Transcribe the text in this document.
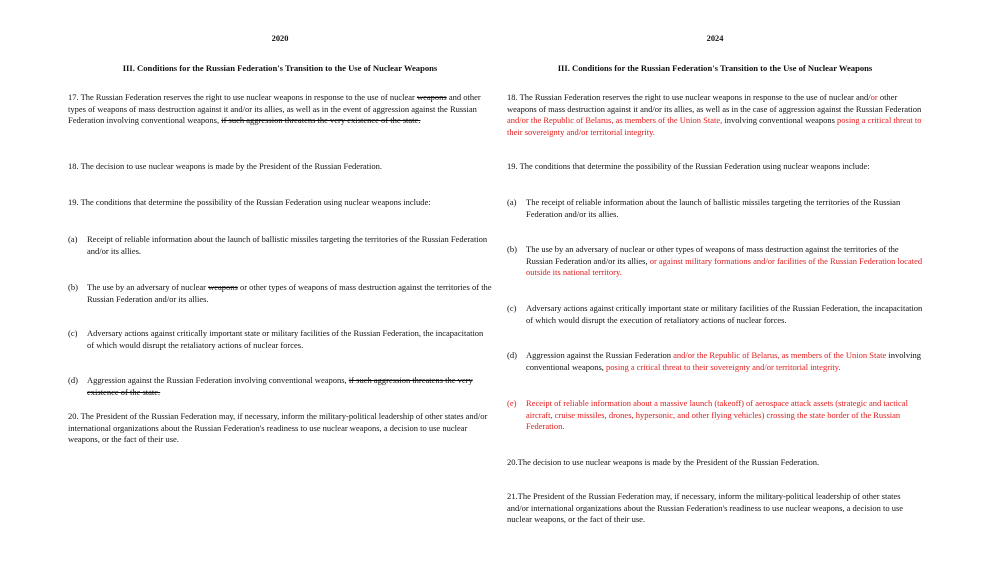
2020
III. Conditions for the Russian Federation's Transition to the Use of Nuclear Weapons

17. The Russian Federation reserves the right to use nuclear weapons in response to the use of nuclear weapons and other types of weapons of mass destruction against it and/or its allies, as well as in the event of aggression against the Russian Federation involving conventional weapons, if such aggression threatens the very existence of the state.

18. The decision to use nuclear weapons is made by the President of the Russian Federation.

19. The conditions that determine the possibility of the Russian Federation using nuclear weapons include:

(a)	Receipt of reliable information about the launch of ballistic missiles targeting the territories of the Russian Federation and/or its allies.
(b)	The use by an adversary of nuclear weapons or other types of weapons of mass destruction against the territories of the Russian Federation and/or its allies.
(c)	Adversary actions against critically important state or military facilities of the Russian Federation, the incapacitation of which would disrupt the retaliatory actions of nuclear forces.
(d)	Aggression against the Russian Federation involving conventional weapons, if such aggression threatens the very existence of the state.

20. The President of the Russian Federation may, if necessary, inform the military-political leadership of other states and/or international organizations about the Russian Federation's readiness to use nuclear weapons, a decision to use nuclear weapons, or the fact of their use.

2024
III. Conditions for the Russian Federation's Transition to the Use of Nuclear Weapons

18. The Russian Federation reserves the right to use nuclear weapons in response to the use of nuclear and/or other weapons of mass destruction against it and/or its allies, as well as in the case of aggression against the Russian Federation and/or the Republic of Belarus, as members of the Union State, involving conventional weapons posing a critical threat to their sovereignty and/or territorial integrity.

19. The conditions that determine the possibility of the Russian Federation using nuclear weapons include:

(a)	The receipt of reliable information about the launch of ballistic missiles targeting the territories of the Russian Federation and/or its allies.
(b)	The use by an adversary of nuclear or other types of weapons of mass destruction against the territories of the Russian Federation and/or its allies, or against military formations and/or facilities of the Russian Federation located outside its national territory.
(c)	Adversary actions against critically important state or military facilities of the Russian Federation, the incapacitation of which would disrupt the execution of retaliatory actions of nuclear forces.
(d)	Aggression against the Russian Federation and/or the Republic of Belarus, as members of the Union State involving conventional weapons, posing a critical threat to their sovereignty and/or territorial integrity.
(e)	Receipt of reliable information about a massive launch (takeoff) of aerospace attack assets (strategic and tactical aircraft, cruise missiles, drones, hypersonic, and other flying vehicles) crossing the state border of the Russian Federation.

20.The decision to use nuclear weapons is made by the President of the Russian Federation.

21.The President of the Russian Federation may, if necessary, inform the military-political leadership of other states and/or international organizations about the Russian Federation's readiness to use nuclear weapons, a decision to use nuclear weapons, or the fact of their use.
